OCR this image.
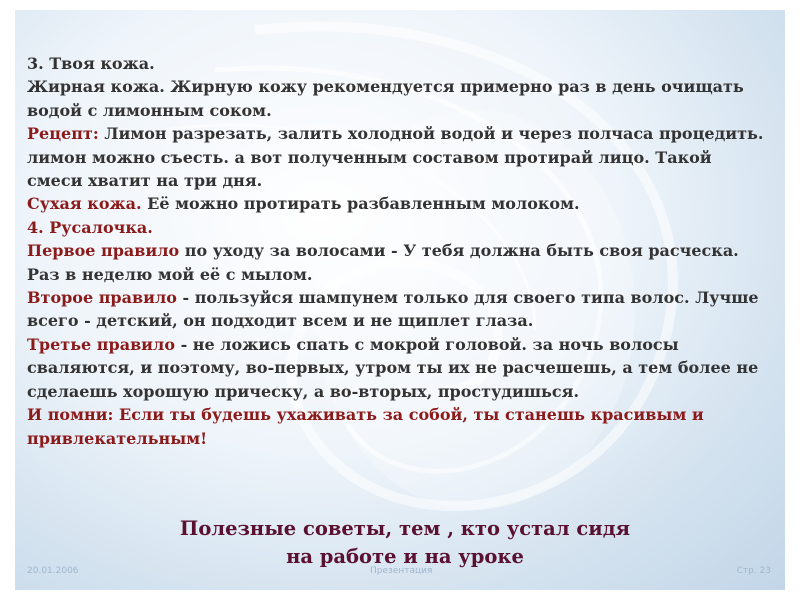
3. Твоя кожа.

Жирная кожа. Жирную кожу рекомендуется примерно раз в день очищать водой с лимонным соком.

Рецепт: Лимон разрезать, залить холодной водой и через полчаса процедить. лимон можно съесть. а вот полученным составом протирай лицо. Такой смеси хватит на три дня.

Сухая кожа. Её можно протирать разбавленным молоком.

4. Русалочка.

Первое правило по уходу за волосами - У тебя должна быть своя расческа. Раз в неделю мой её с мылом.

Второе правило - пользуйся шампунем только для своего типа волос. Лучше всего - детский, он подходит всем и не щиплет глаза.

Третье правило - не ложись спать с мокрой головой. за ночь волосы сваляются, и поэтому, во-первых, утром ты их не расчешешь, а тем более не сделаешь хорошую прическу, а во-вторых, простудишься.

И помни: Если ты будешь ухаживать за собой, ты станешь красивым и привлекательным!

Полезные советы, тем , кто устал сидя
на работе и на уроке
20.01.2006	Презентация	Стр. 23
